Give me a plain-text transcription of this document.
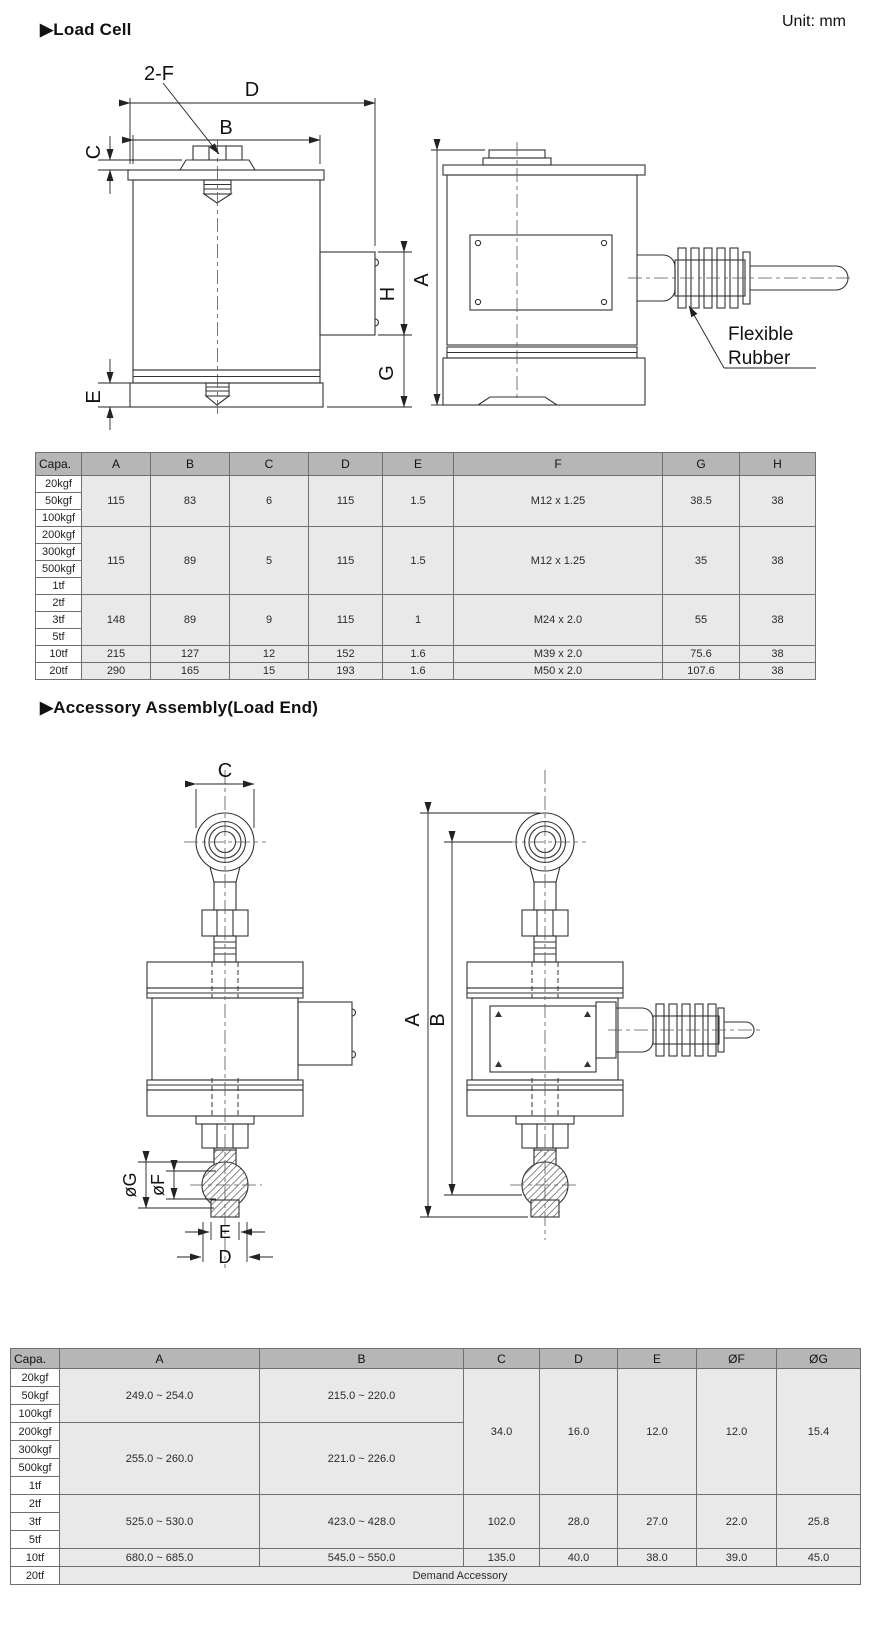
▶Load Cell	Unit: mm
2-F
D
B
C
E
H
G
A
Flexible
Rubber
Capa.	A	B	C	D	E	F	G	H
20kgf	115	83	6	115	1.5	M12 x 1.25	38.5	38
50kgf								
100kgf								
200kgf	115	89	5	115	1.5	M12 x 1.25	35	38
300kgf								
500kgf								
1tf								
2tf	148	89	9	115	1	M24 x 2.0	55	38
3tf								
5tf								
10tf	215	127	12	152	1.6	M39 x 2.0	75.6	38
20tf	290	165	15	193	1.6	M50 x 2.0	107.6	38
▶Accessory Assembly(Load End)
C
øG øF
E
D
A B
Capa.	A	B	C	D	E	ØF	ØG
20kgf	249.0 ~ 254.0	215.0 ~ 220.0	34.0	16.0	12.0	12.0	15.4
50kgf							
100kgf							
200kgf	255.0 ~ 260.0	221.0 ~ 226.0					
300kgf							
500kgf							
1tf							
2tf	525.0 ~ 530.0	423.0 ~ 428.0	102.0	28.0	27.0	22.0	25.8
3tf							
5tf							
10tf	680.0 ~ 685.0	545.0 ~ 550.0	135.0	40.0	38.0	39.0	45.0
20tf	Demand Accessory						
